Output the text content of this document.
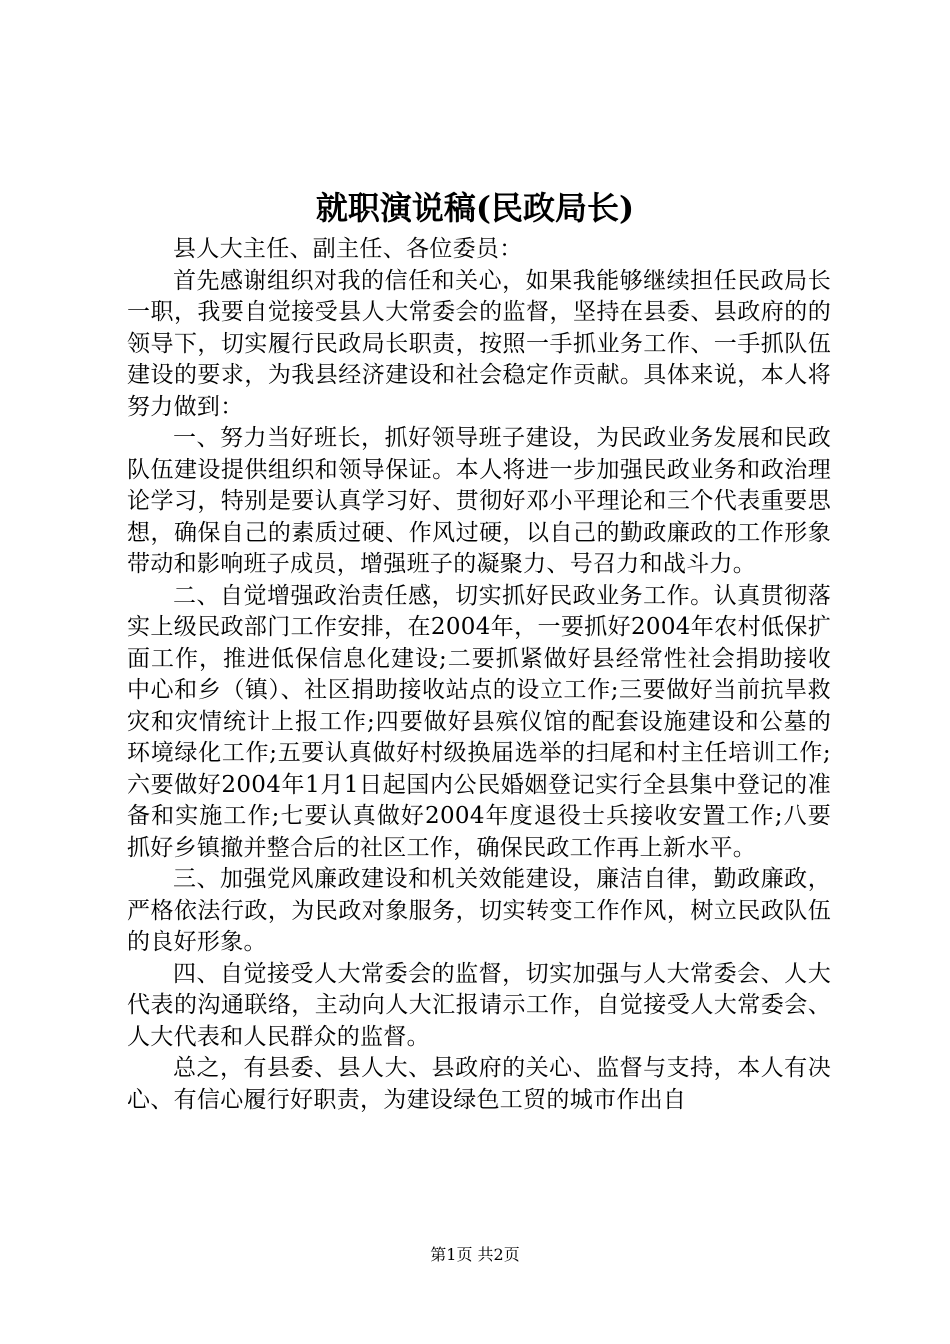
就职演说稿(民政局长)

县人大主任、副主任、各位委员：

首先感谢组织对我的信任和关心，如果我能够继续担任民政局长一职，我要自觉接受县人大常委会的监督，坚持在县委、县政府的的领导下，切实履行民政局长职责，按照一手抓业务工作、一手抓队伍建设的要求，为我县经济建设和社会稳定作贡献。具体来说，本人将努力做到：

一、努力当好班长，抓好领导班子建设，为民政业务发展和民政队伍建设提供组织和领导保证。本人将进一步加强民政业务和政治理论学习，特别是要认真学习好、贯彻好邓小平理论和三个代表重要思想，确保自己的素质过硬、作风过硬，以自己的勤政廉政的工作形象带动和影响班子成员，增强班子的凝聚力、号召力和战斗力。

二、自觉增强政治责任感，切实抓好民政业务工作。认真贯彻落实上级民政部门工作安排，在2004年，一要抓好2004年农村低保扩面工作，推进低保信息化建设;二要抓紧做好县经常性社会捐助接收中心和乡（镇）、社区捐助接收站点的设立工作;三要做好当前抗旱救灾和灾情统计上报工作;四要做好县殡仪馆的配套设施建设和公墓的环境绿化工作;五要认真做好村级换届选举的扫尾和村主任培训工作;六要做好2004年1月1日起国内公民婚姻登记实行全县集中登记的准备和实施工作;七要认真做好2004年度退役士兵接收安置工作;八要抓好乡镇撤并整合后的社区工作，确保民政工作再上新水平。

三、加强党风廉政建设和机关效能建设，廉洁自律，勤政廉政，严格依法行政，为民政对象服务，切实转变工作作风，树立民政队伍的良好形象。

四、自觉接受人大常委会的监督，切实加强与人大常委会、人大代表的沟通联络，主动向人大汇报请示工作，自觉接受人大常委会、人大代表和人民群众的监督。

总之，有县委、县人大、县政府的关心、监督与支持，本人有决心、有信心履行好职责，为建设绿色工贸的城市作出自

第1页 共2页
